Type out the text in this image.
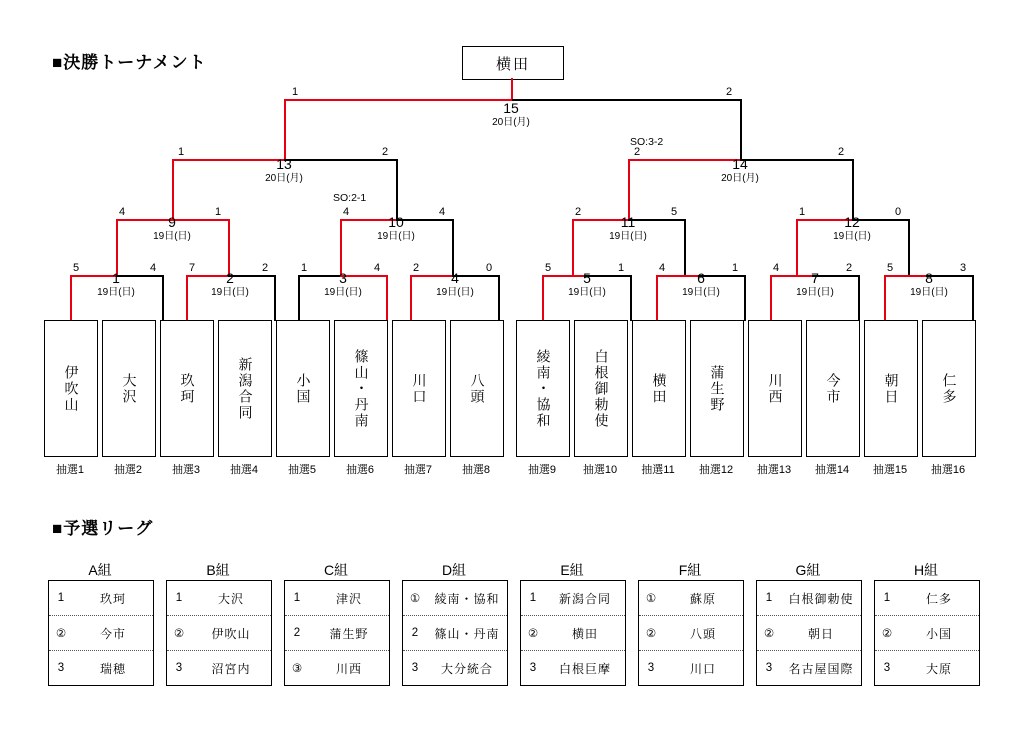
■決勝トーナメント
■予選リーグ
横田
1	2
15
20日(月)
1	2
13
20日(月)
2	2
SO:3-2
14
20日(月)
4	1
9
19日(日)
4	4
SO:2-1
10
19日(日)
2	5
11
19日(日)
1	0
12
19日(日)
5	4
1
19日(日)
7	2
2
19日(日)
1	4
3
19日(日)
2	0
4
19日(日)
5	1
5
19日(日)
4	1
6
19日(日)
4	2
7
19日(日)
5	3
8
19日(日)
伊吹山	大沢	玖珂	新潟合同	小国	篠山・丹南	川口	八頭	綾南・協和	白根御勅使	横田	蒲生野	川西	今市	朝日	仁多
抽選1	抽選2	抽選3	抽選4	抽選5	抽選6	抽選7	抽選8	抽選9	抽選10	抽選11	抽選12	抽選13	抽選14	抽選15	抽選16
A組
1	玖珂
②	今市
3	瑞穂
B組
1	大沢
②	伊吹山
3	沼宮内
C組
1	津沢
2	蒲生野
③	川西
D組
①	綾南・協和
2	篠山・丹南
3	大分統合
E組
1	新潟合同
②	横田
3	白根巨摩
F組
①	蘇原
②	八頭
3	川口
G組
1	白根御勅使
②	朝日
3	名古屋国際
H組
1	仁多
②	小国
3	大原
